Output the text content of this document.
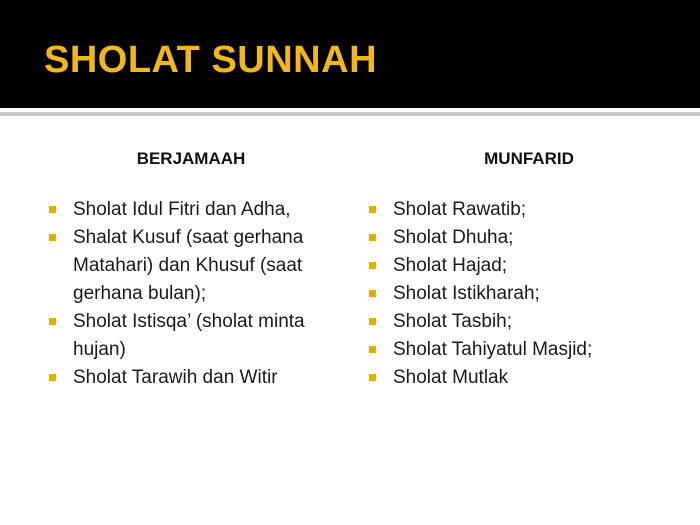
SHOLAT SUNNAH
BERJAMAAH
Sholat Idul Fitri dan Adha,
Shalat Kusuf (saat gerhana Matahari) dan Khusuf (saat gerhana bulan);
Sholat Istisqa’ (sholat minta hujan)
Sholat Tarawih dan Witir
MUNFARID
Sholat Rawatib;
Sholat Dhuha;
Sholat Hajad;
Sholat Istikharah;
Sholat Tasbih;
Sholat Tahiyatul Masjid;
Sholat Mutlak
